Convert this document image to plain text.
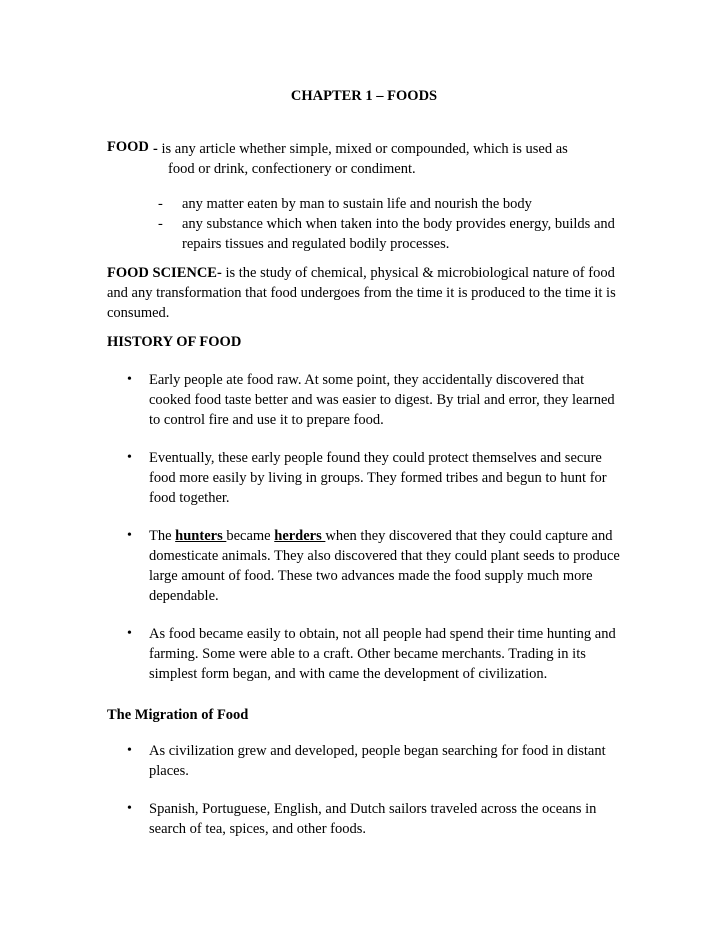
CHAPTER 1 – FOODS
FOOD - is any article whether simple, mixed or compounded, which is used as
food or drink, confectionery or condiment.
- any matter eaten by man to sustain life and nourish the body
- any substance which when taken into the body provides energy, builds and repairs tissues and regulated bodily processes.
FOOD SCIENCE- is the study of chemical, physical & microbiological nature of food and any transformation that food undergoes from the time it is produced to the time it is consumed.
HISTORY OF FOOD
• Early people ate food raw. At some point, they accidentally discovered that cooked food taste better and was easier to digest. By trial and error, they learned to control fire and use it to prepare food.
• Eventually, these early people found they could protect themselves and secure food more easily by living in groups. They formed tribes and begun to hunt for food together.
• The hunters became herders when they discovered that they could capture and domesticate animals. They also discovered that they could plant seeds to produce large amount of food. These two advances made the food supply much more dependable.
• As food became easily to obtain, not all people had spend their time hunting and farming. Some were able to a craft. Other became merchants. Trading in its simplest form began, and with came the development of civilization.
The Migration of Food
• As civilization grew and developed, people began searching for food in distant places.
• Spanish, Portuguese, English, and Dutch sailors traveled across the oceans in search of tea, spices, and other foods.
